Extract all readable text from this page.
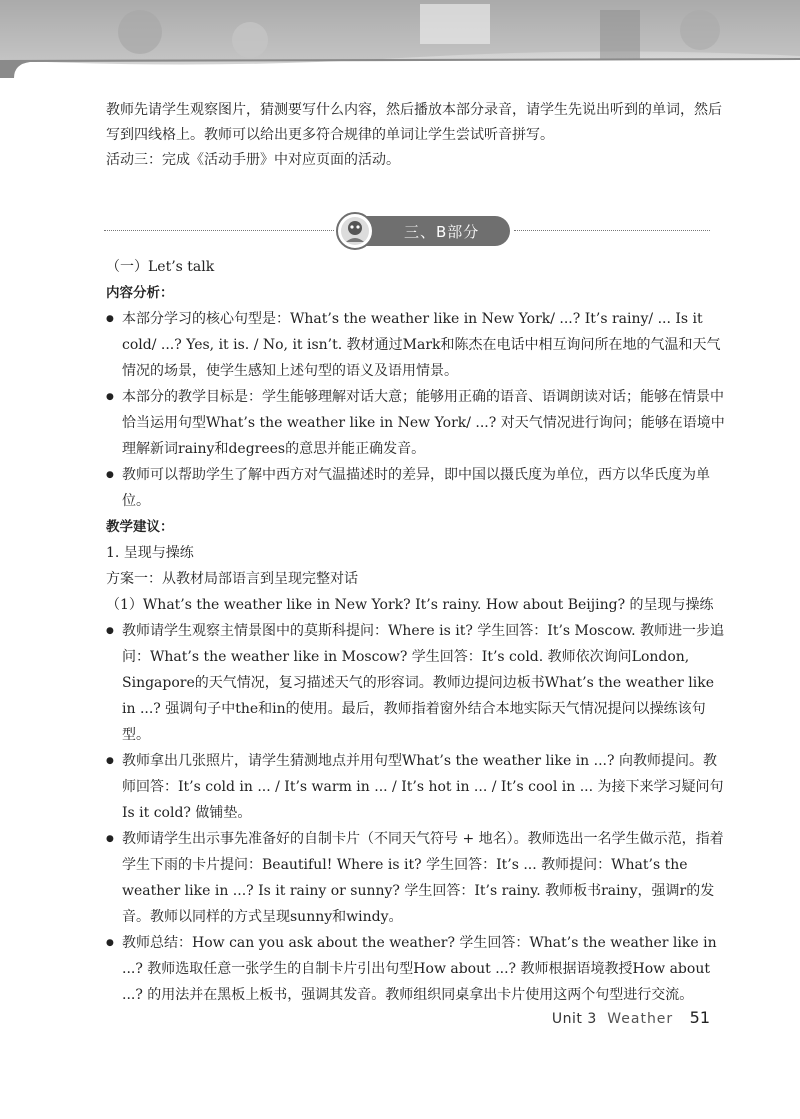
教师先请学生观察图片，猜测要写什么内容，然后播放本部分录音，请学生先说出听到的单词，然后写到四线格上。教师可以给出更多符合规律的单词让学生尝试听音拼写。

活动三：完成《活动手册》中对应页面的活动。

三、B部分

（一）Let’s talk

内容分析：

● 本部分学习的核心句型是：What’s the weather like in New York/ ...? It’s rainy/ ... Is it cold/ ...? Yes, it is. / No, it isn’t. 教材通过Mark和陈杰在电话中相互询问所在地的气温和天气情况的场景，使学生感知上述句型的语义及语用情景。

● 本部分的教学目标是：学生能够理解对话大意；能够用正确的语音、语调朗读对话；能够在情景中恰当运用句型What’s the weather like in New York/ ...? 对天气情况进行询问；能够在语境中理解新词rainy和degrees的意思并能正确发音。

● 教师可以帮助学生了解中西方对气温描述时的差异，即中国以摄氏度为单位，西方以华氏度为单位。

教学建议：

1. 呈现与操练

方案一：从教材局部语言到呈现完整对话

（1）What’s the weather like in New York? It’s rainy. How about Beijing? 的呈现与操练

● 教师请学生观察主情景图中的莫斯科提问：Where is it? 学生回答：It’s Moscow. 教师进一步追问：What’s the weather like in Moscow? 学生回答：It’s cold. 教师依次询问London, Singapore的天气情况，复习描述天气的形容词。教师边提问边板书What’s the weather like in ...? 强调句子中the和in的使用。最后，教师指着窗外结合本地实际天气情况提问以操练该句型。

● 教师拿出几张照片，请学生猜测地点并用句型What’s the weather like in ...? 向教师提问。教师回答：It’s cold in ... / It’s warm in ... / It’s hot in ... / It’s cool in ... 为接下来学习疑问句Is it cold? 做铺垫。

● 教师请学生出示事先准备好的自制卡片（不同天气符号 + 地名）。教师选出一名学生做示范，指着学生下雨的卡片提问：Beautiful! Where is it? 学生回答：It’s ... 教师提问：What’s the weather like in ...? Is it rainy or sunny? 学生回答：It’s rainy. 教师板书rainy，强调r的发音。教师以同样的方式呈现sunny和windy。

● 教师总结：How can you ask about the weather? 学生回答：What’s the weather like in ...? 教师选取任意一张学生的自制卡片引出句型How about ...? 教师根据语境教授How about ...? 的用法并在黑板上板书，强调其发音。教师组织同桌拿出卡片使用这两个句型进行交流。

Unit 3 Weather 51
